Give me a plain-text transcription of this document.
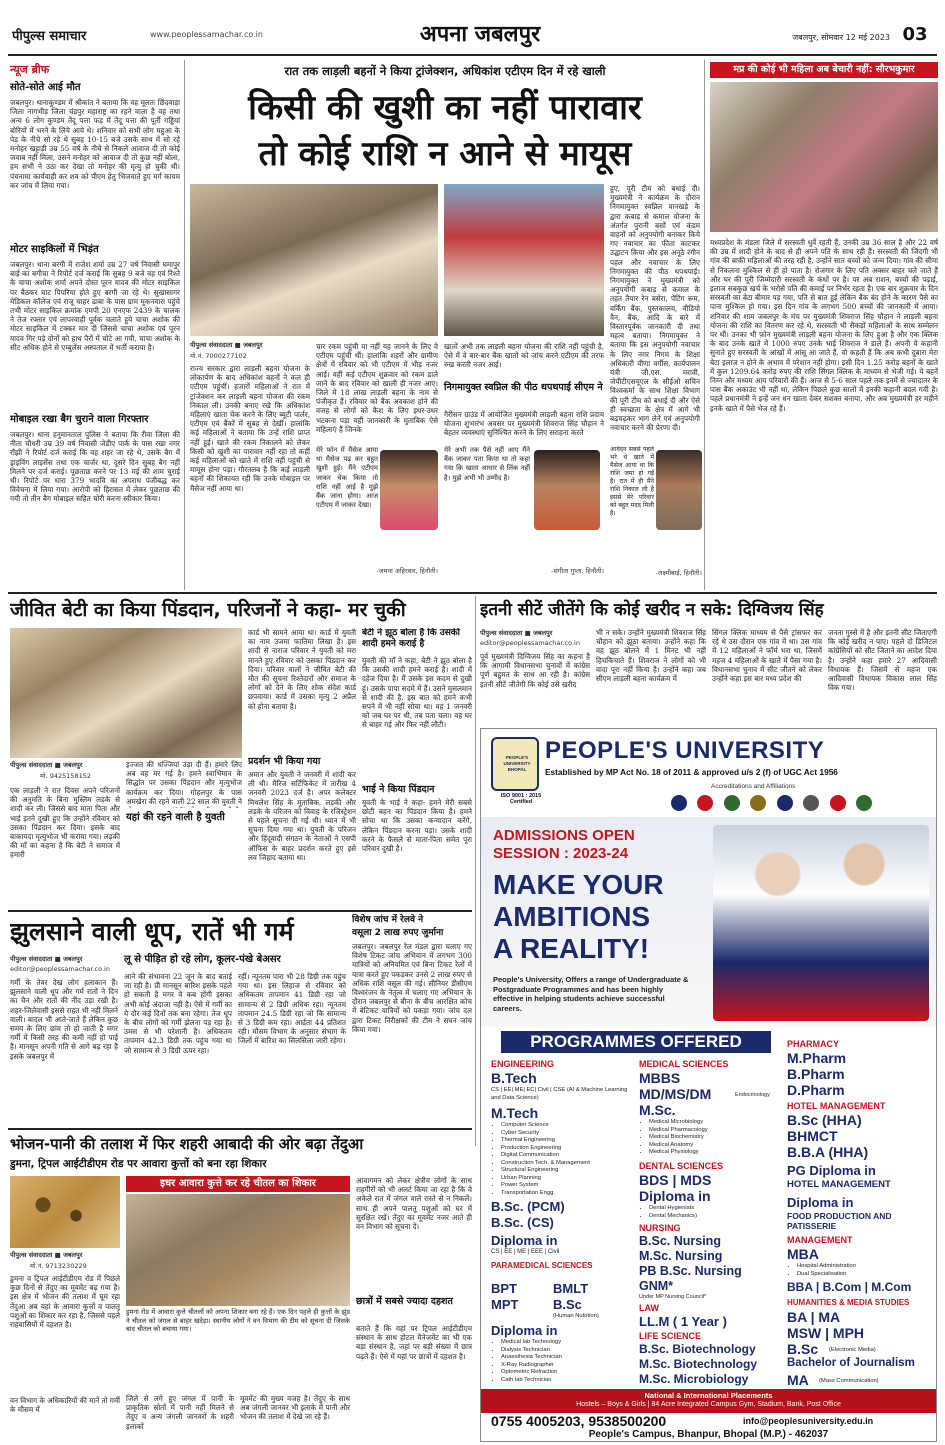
पीपुल्स समाचार	www.peoplessamachar.co.in	अपना जबलपुर	जबलपुर, सोमवार 12 मई 2023 03
न्यूज ब्रीफ
सोते-सोते आई मौत
जबलपुर। थानाकुण्डम में श्रीकांत ने बताया कि वह मूलतः छिंदवाड़ा जिला नागभीड़ जिला चंद्रपुर महाराष्ट्र का रहने वाला है वह तथा अन्य 6 लोग कुण्डम तेंदू पत्ता फड़ में तेंदू पत्ता की पूर्ती गड्डियां बोरियों में भरने के लिये आये थे। शनिवार को सभी लोग महुआ के पेड़ के नीचे सो रहे थे सुबह 10-15 बजे उसके साथ में सो रहे मनोहर खट्टाड़ी उम्र 55 वर्ष के नीचे से निकले आवाज दी तो कोई जवाब नहीं मिला, उसने मनोहर को आवाज दी तो कुछ नहीं बोला, हम सभी ने उठा कर देखा तो मनोहर की मृत्यु हो चुकी थी। पंचनामा कार्यवाही कर शव को पीएम हेतु भिजवाते हुए मर्ग कायम कर जांच में लिया गया।
मोटर साइकिलों में भिड़ंत
जबलपुर। थाना बरगी में राजेश शर्मा उम्र 27 वर्ष निवासी घमापुर बाई का बगीचा ने रिपोर्ट दर्ज कराई कि सुबह 9 बजे वह एवं रिश्ते के चाचा अशोक शर्मा अपने दोस्त पूरन यादव की मोटर साइकिल पर बैठकर घाट पिपरिया होते हुए बरगी जा रहे थे। सुखासागर मेडिकल कॉलेज एवं राजू चाहर ढाबा के पास ग्राम मुकनवारा पहुंचे तभी मोटर साइकिल क्रमांक एमपी 20 एनएफ 2439 के चालक ने तेज रफ्तार एवं लापरवाही पूर्वक चलाते हुये चाचा अशोक की मोटर साइकिल में टक्कर मार दी जिससे चाचा अशोक एवं पूरन यादव गिर पड़े दोनों को हाथ पैरों में चोटे आ गयी, चाचा अशोक के सीट अधिक होने से एम्बुलेंस अस्पताल में भर्ती कराया है।
मोबाइल रखा बैग चुराने वाला गिरफ्तार
जबलपुर। थाना हनुमानताल पुलिस ने बताया कि रीवा जिला की नीता चौधरी उम्र 39 वर्ष निवासी जेडीए पार्क के पास रखा नगर राँझी ने रिपोर्ट दर्ज कराई कि वह शहर जा रहे थे, उसके बैग में ड्राइविंग लाइसेंस तथा एक चार्जर था, दूसरे दिन सुबह बैग नहीं मिलने पर दर्ज कराई। पूछताछ करने पर 13 मई की शाम चुराई थी। रिपोर्ट पर धारा 379 भादवि का अपराध पंजीबद्ध कर विवेचना में लिया गया। आरोपी को हिरासत में लेकर पूछताछ की गयी तो तीन बैग मोबाइल सहित चोरी करना स्वीकार किया।
रात तक लाड़ली बहनों ने किया ट्रांजेक्शन, अधिकांश एटीएम दिन में रहे खाली
किसी की खुशी का नहीं पारावार
तो कोई राशि न आने से मायूस
पीपुल्स संवाददाता ■ जबलपुर
मो.नं. 7000277102
राज्य सरकार द्वारा लाड़ली बहना योजना के लोकार्पण के बाद अधिकांश बहनों ने कल ही एटीएम पहुंचीं। हजारों महिलाओं ने रात में ट्रांजेक्शन कर लाड़ली बहना योजना की रकम निकाल ली। उनकी बनाए रखे कि अधिकांश महिलाएं खाता चेक करने के लिए ब्यूटी पार्लर, एटीएम एवं बैंकों में सुबह से देखीं। हालांकि कई महिलाओं ने बताया कि उन्हें राशि प्राप्त नहीं हुई। खाते की रकम निकालने को लेकर किसी को खुशी का पारावार नहीं रहा तो कहीं कई महिलाओं को खाते में राशि नहीं पहुंची से मायूस होना पड़ा। गौरतलब है कि कई लाड़ली बहनों की शिकायत रही कि उनके मोबाइल पर मैसेज नहीं आया था।
चार रकम पहुंची या नहीं यह जानने के लिए वे एटीएम पहुंची थीं। हालांकि शहरों और ग्रामीण क्षेत्रों में रविवार को भी एटीएम में भीड़ नजर आई। वहीं कई एटीएम शुक्रवार को रकम डाले जाने के बाद रविवार को खाली ही नजर आए। जिले में 18 लाख लाड़ली बहना के नाम से पंजीकृत हैं। रविवार को बैंक अवकाश होने की वजह से लोगों को कैश के लिए इधर-उधर भटकना पड़ा वहीं जानकारी के मुताबिक ऐसे महिलाएं हैं जिनके
खातों अभी तक लाड़ली बहना योजना की राशि नहीं पहुंची है, ऐसे में वे बार-बार बैंक खातों को जांच करने एटीएम की तरफ रुख करती नजर आई।
निगमायुक्त स्वप्निल की पीठ थपथपाई सीएम ने
गैरीसन ग्राउंड में आयोजित मुख्यमंत्री लाड़ली बहना राशि प्रदाय योजना शुभारंभ अवसर पर मुख्यमंत्री शिवराज सिंह चौहान ने बेहतर व्यवस्थाएं सुनिश्चित करने के लिए सराहना करते
हुए, पूरी टीम को बधाई दी। मुख्यमंत्री ने कार्यक्रम के दौरान निगमायुक्त स्वप्निल वानखड़े के द्वारा कबाड़ से कमाल योजना के अंतर्गत पुरानी बसों एवं कंडम वाहनों को अनुपयोगी बनाकर किये गए नवाचार का फीता काटकर उद्घाटन किया और इस अनूठे रंगीन पहल और नवाचार के लिए निगमायुक्त की पीठ थपथपाई। निगमायुक्त ने मुख्यमंत्री को अनुपयोगी कबाड़ से कमाल के तहत तैयार रेन बसेरा, पेंटिंग रूम, वर्किंग बैंक, पुस्तकालय, वीडियो वैन, बैंक, आदि के बारे में विस्तारपूर्वक जानकारी दी तथा महत्व बताया। निगमायुक्त ने बताया कि इस अनुपयोगी नवाचार के लिए नगर निगम के शिक्षा अधिकारी वीणा वर्गीस, कार्यपालन यंत्री जी.एस. मरावी, जेपीटीएसयूएल के सीईओ सचिन विश्वकर्मा के साथ शिक्षा विभाग की पूरी टीम को बधाई दी और ऐसे ही स्वच्छता के क्षेत्र में आगे भी बढ़चढ़कर भाग लेने एवं अनुपयोगी नवाचार करने की प्रेरणा दी।
मेरे फोन में मैसेज आया था मैसेज पढ़ कर बहुत खुशी हुई। मैंने एटीएम जाकर चेक किया तो राशि नहीं आई है मुझे बैंक जाना होगा। आज एटीएम में जाकर देखा।
-जमना अहिरवार, हिनौती।
मेरे अभी तक पैसे नहीं आए मैंने बैंक जाकर पता किया था तो कहा गया कि खाता आधार से लिंक नहीं है। मुझे अभी भी उम्मीद है।
-संगीता गुप्ता, हिनौती।
मप्र की कोई भी महिला अब बेचारी नहीं: सौरभकुमार
मध्यप्रदेश के मंडला जिले में सरस्वती धुर्वे रहती हैं, उनकी उम्र 36 साल है और 22 वर्ष की उम्र में शादी होने के बाद से ही अपने पति के साथ रही हैं। सरस्वती की जिंदगी भी गांव की बाकी महिलाओं की तरह रही है, उन्होंने सात बच्चों को जन्म दिया। गांव की सीमा से निकलना मुश्किल से ही हो पाता है। रोजगार के लिए पति अक्सर बाहर चले जाते हैं और घर की पूरी जिम्मेदारी सरस्वती के कंधों पर है। पर अब राशन, बच्चों की पढ़ाई, इलाज सबकुछ खर्च के भरोसे पति की कमाई पर निर्भर रहता है। एक बार शुक्रवार के दिन सरस्वती का बेटा बीमार पड़ गया, पति से बात हुई लेकिन बैंक बंद होने के कारण पैसे का पाना मुश्किल हो गया। इस दिन गांव के लगभग 500 बच्चों की जानकारी में आया। शनिवार की शाम जबलपुर के मंच पर मुख्यमंत्री शिवराज सिंह चौहान ने लाड़ली बहना योजना की राशि का वितरण कर रहे थे, सरस्वती भी सैकड़ों महिलाओं के साथ सम्मेलन पर थीं। उनका भी फ़ोन मुख्यमंत्री लाड़ली बहना योजना के लिए हुआ है और एक क्लिक के बाद उनके खाते में 1000 रुपए उनके भाई शिवराज ने डाले हैं। अपनी ये कहानी सुनाते हुए सरस्वती के आंखों में आंसू आ जाते हैं, वो कहती हैं कि अब कभी दुबारा मेरा बेटा इलाज न होने के अभाव में परेशान नहीं होगा। इसी दिन 1.25 करोड़ बहनों के खाते में कुल 1209.64 करोड़ रुपए की राशि सिंगल क्लिक के माध्यम से भेजी गई। ये बहनें निम्न और मध्यम आय परिवारों की हैं। आज से 5-6 साल पहले तक इनमें से ज्यादातर के पास बैंक अकाउंट भी नहीं था, लेकिन पिछले कुछ सालों में इनकी कहानी बदल गयी है। पहले प्रधानमंत्री ने इन्हें जन धन खाता देकर सशक्त बनाया, और अब मुख्यमंत्री हर महीने इनके खाते में पैसे भेज रहे हैं।
आवेदन सबसे पहले भरे थे खाते में मैसेज आया था कि राशि जमा हो गई है। रात में ही मैंने राशि निकाल ली है इससे मेरे परिवार को बहुत मदद मिली है।
-लक्ष्मीबाई, हिनौती।
जीवित बेटी का किया पिंडदान, परिजनों ने कहा- मर चुकी
पीपुल्स संवाददाता ■ जबलपुर
मो. 9425158152
एक लाड़ली ने रात दिवस अपने परिजनों की अनुमति के बिना मुस्लिम लड़के से शादी कर ली। जिससे बाद माता पिता और भाई इतने दुखी हुए कि उन्होंने रविवार को उसका पिंडदान कर दिया। इसके बाद बाकायदा मृत्युभोज भी कराया गया। लड़की की माँ का कहना है कि बेटी ने समाज में हमारी
इज्जत की धज्जियां उड़ा दी हैं। हमारे लिए अब वह मर गई है। हमने स्वाभिमान के सिद्धांत पर उसका पिंडदान और मृत्युभोज कार्यक्रम कर दिया। गोहलपुर के पास अमखेरा की रहने वाली 22 साल की युवती ने
यहां की रहने वाली है युवती
कार्ड भी सामने आया था। कार्ड में युवती का नाम उजमा फातिमा लिखा है। इस शादी से नाराज परिवार ने युवती को मरा मानते हुए रविवार को उसका पिंडदान कर दिया। परिवार वालों ने जीवित बेटी की मौत की सूचना रिश्तेदारों और समाज के लोगों को देने के लिए शोक संदेश कार्ड छपवाया। कार्ड में उसका मृत्यु 2 अप्रैल को होना बताया है।
प्रदर्शन भी किया गया
अमान और युवती ने जनवरी में शादी कर ली थी। मैरिज सर्टिफिकेट में तारीख 4 जनवरी 2023 दर्ज है। अपर कलेक्टर मिथलेश सिंह के मुताबिक, लड़की और लड़के के परिजन को विवाह के रजिस्ट्रेशन से पहले सूचना दी गई थी। ध्यान में भी सूचना दिया गया था। युवती के परिजन और हिंदूवादी संगठन के नेताओं ने एसपी ऑफिस के बाहर प्रदर्शन करते हुए इसे लव जिहाद बताया था।
बेटी ने झूठ बोला है कि उसकी शादी हमने कराई है
युवती की माँ ने कहा, बेटी ने झूठ बोला है कि उसकी शादी हमने कराई है। शादी में दहेज दिया है। मैं उसके इस कदम से दुखी हूं। उसके पापा सदमे में हैं। उसने मुसलमान से शादी की है, इस बात को हमने कभी सपने में भी नहीं सोचा था। वह 1 जनवरी को जब घर पर थी, तब पता चला। वह घर से बाहर गई और फिर नहीं लौटी।
भाई ने किया पिंडदान
युवती के भाई ने कहा- हमने मेरी सबसे छोटी बहन का पिंडदान किया है। हमने सोचा था कि उसका कन्यादान करेंगे, लेकिन पिंडदान करना पड़ा। उसके शादी करने के फैसले से माता-पिता समेत पूरा परिवार दुखी है।
इतनी सीटें जीतेंगे कि कोई खरीद न सके: दिग्विजय सिंह
पीपुल्स संवाददाता ■ जबलपुर
editor@peoplessamachar.co.in
पूर्व मुख्यमंत्री दिग्विजय सिंह का कहना है कि आगामी विधानसभा चुनावों में कांग्रेस पूर्ण बहुमत के साथ आ रही है। कांग्रेस इतनी सीटें जीतेगी कि कोई उसे खरीद
भी न सके। उन्होंने मुख्यमंत्री शिवराज सिंह चौहान को झूठा बताया। उन्होंने कहा कि वह झूठ बोलने में 1 मिनट भी नहीं हिचकिचाते हैं। शिवराज ने लोगों को भी वादा पूरा नहीं किया है। उन्होंने कहा जब सीएम लाड़ली बहना कार्यक्रम में
सिंगल क्लिक माध्यम से पैसे ट्रांसफर कर रहे थे उस दौरान एक गांव में था। उस गांव में 12 महिलाओं ने फॉर्म भरा था, जिसमें महज 4 महिलाओं के खाते में पैसा गया है। विधानसभा चुनाव में सीट जीतने को लेकर उन्होंने कहा इस बार मध्य प्रदेश की
जनता गुस्से में है और इतनी सीट जिताएगी कि कोई खरीद न पाए। पहले दो डिजिटल कांग्रेसियों को सीट जिताने का आदेश दिया है। उन्होंने कहा हमारे 27 आदिवासी विधायक हैं। जिसमें से महज एक आदिवासी विधायक विकास लाल सिंह विक गया।
झुलसाने वाली धूप, रातें भी गर्म
पीपुल्स संवाददाता ■ जबलपुर
editor@peoplessamachar.co.in
लू से पीड़ित हो रहे लोग, कूलर-पंखे बेअसर
गर्मी के तेवर देख लोग हलाकान हैं। झुलसाने वाली धूप और गर्म रातों ने दिन का चैन और रातों की नींद उड़ा रखी है। शहर-जिलेवासी इससे राहत भी नहीं मिलने वाली। बादल भी आते-जाते हैं लेकिन कुछ समय के लिए छांव तो हो जाती है मगर गर्मी में किसी तरह की कमी नहीं हो पाई है। मानसून अपनी गति से आगे बढ़ रहा है इसके जबलपुर में
आने की संभावना 22 जून के बाद बताई जा रही है। प्री मानसून बारिश इसके पहले हो सकती है मगर वे कब होंगी इसका अभी कोई अंदाजा नहीं है। ऐसे में गर्मी का ये दौर कई दिनों तक बना रहेगा। तेज धूप के बीच लोगों को गर्मी झेलना पड़ रहा है। उमस से भी परेशानी है। अधिकतम तापमान 42.3 डिग्री तक पहुंच गया था जो सामान्य से 3 डिग्री ऊपर रहा।
रहीं। न्यूनतम पारा भी 28 डिग्री तक पहुंच गया था। इस लिहाज से रविवार को अधिकतम तापमान 41 डिग्री रहा जो सामान्य से 2 डिग्री अधिक रहा। न्यूनतम तापमान 24.5 डिग्री रहा जो कि सामान्य से 3 डिग्री कम रहा। आर्द्रता 44 प्रतिशत रही। मौसम विभाग के अनुसार संभाग के जिलों में बारिश का सिलसिला जारी रहेगा।
विशेष जांच में रेलवे ने
वसूला 2 लाख रुपए जुर्माना
जबलपुर। जबलपुर रेल मंडल द्वारा चलाए गए विशेष टिकट जांच अभियान में लगभग 300 यात्रियों को अनियमित एवं बिना टिकट रेलों में यात्रा करते हुए पकड़कर उनसे 2 लाख रुपए से अधिक राशि वसूल की गई। सीनियर डीसीएम विश्वरंजन के नेतृत्व में चलाए गए अभियान के दौरान जबलपुर से बीना के बीच आरक्षित कोच में बेटिकट यात्रियों को पकड़ा गया। जांच दल द्वारा टिकट निरीक्षकों की टीम ने सघन जांच किया गया।
भोजन-पानी की तलाश में फिर शहरी आबादी की ओर बढ़ा तेंदुआ
डुमना, ट्रिपल आईटीडीएम रोड पर आवारा कुत्तों को बना रहा शिकार
पीपुल्स संवाददाता ■ जबलपुर
मो.नं. 9713230229
इधर आवारा कुत्ते कर रहे चीतल का शिकार
डुमना रोड में आवारा कुत्ते चीतलों को अपना शिकार बना रहे हैं। एक दिन पहले ही कुत्तों के झुंड ने चीतल को जंगल से बाहर खदेड़ा। स्थानीय लोगों ने वन विभाग की टीम को सूचना दी जिसके बाद चीतल को बचाया गया।
डुमना व ट्रिपल आईटीडीएम रोड में पिछले कुछ दिनों से तेंदुए का मूवमेंट बढ़ गया है। इस क्षेत्र में भोजन की तलाश में घूम रहा तेंदुआ अब यहां के आवारा कुत्तों व पालतू पशुओं का शिकार कर रहा है, जिससे पहले राहवासियों में दहशत है।
वन विभाग के अधिकारियों की मानें तो गर्मी के मौसम में
जिले से लगे हुए जंगल में पानी के प्राकृतिक स्रोतों में पानी नहीं मिलने से तेंदुए व अन्य जंगली जानवरों के शहरी इलाकों
मूवमेंट की मुख्य वजह है। तेंदुए के साथ अब जंगली जानवर भी इलाके में पानी और भोजन की तलाश में देखे जा रहे हैं।
आवागमन को लेकर क्षेत्रीय लोगों के साथ राहगीरों को भी अलर्ट किया जा रहा है कि वे अकेले रात में जंगल वाले रास्ते से न निकलें। साथ ही अपने पालतू पशुओं को घर में सुरक्षित रखें। तेंदुए का मूवमेंट नजर आते ही वन विभाग को सूचना दें।
छात्रों में सबसे ज्यादा दहशत
बताते हैं कि यहां पर ट्रिपल आईटीडीएम संस्थान के साथ होटल मैनेजमेंट का भी एक बड़ा संस्थान है, जहां पर बड़ी संख्या में छात्र पढ़ते हैं। ऐसे में यहां पर छात्रों में दहशत है।
PEOPLE'S UNIVERSITY BHOPAL
PEOPLE'S UNIVERSITY
Established by MP Act No. 18 of 2011 & approved u/s 2 (f) of UGC Act 1956
ISO 9001 : 2015 Certified
Accreditations and Affiliations

ADMISSIONS OPEN
SESSION : 2023-24
MAKE YOUR
AMBITIONS
A REALITY!
People's University, Offers a range of Undergraduate & Postgraduate Programmes and has been highly effective in helping students achieve successful careers.
PROGRAMMES OFFERED
ENGINEERING
B.Tech
CS | EE| ME| EC| Civil | CSE (AI & Machine Learning and Data Science)
M.Tech
• Computer Science
• Cyber Security
• Thermal Engineering
• Production Engineering
• Digital Communication
• Construction Tech. & Management
• Structural Engineering
• Urban Planning
• Power System
• Transportation Engg.
B.Sc. (PCM)
B.Sc. (CS)
Diploma in
CS | EE | ME | EEE | Civil
PARAMEDICAL SCIENCES
BPT	BMLT
MPT	B.Sc
(Human Nutrition)
Diploma in
• Medical lab Technology
• Dialysis Technician
• Anaesthesia Technician
• X-Ray Radiographer
• Optometric Refraction
• Cath lab Technician
MEDICAL SCIENCES
MBBS
MD/MS/DM	Endocrinology
M.Sc.
• Medical Microbiology
• Medical Pharmacology
• Medical Biochemistry
• Medical Anatomy
• Medical Physiology
DENTAL SCIENCES
BDS | MDS
Diploma in
• Dental Hygienists
• Dental Mechanics)
NURSING
B.Sc. Nursing
M.Sc. Nursing
PB B.Sc. Nursing
GNM*
Under MP Nursing Council*
LAW
LL.M ( 1 Year )
LIFE SCIENCE
B.Sc. Biotechnology
M.Sc. Biotechnology
M.Sc. Microbiology
PHARMACY
M.Pharm
B.Pharm
D.Pharm
HOTEL MANAGEMENT
B.Sc (HHA)
BHMCT
B.B.A (HHA)
PG Diploma in
HOTEL MANAGEMENT
Diploma in
FOOD PRODUCTION AND PATISSERIE
MANAGEMENT
MBA
• Hospital Administration
• Dual Specialisation
BBA | B.Com | M.Com
HUMANITIES & MEDIA STUDIES
BA | MA
MSW | MPH
B.Sc	(Electronic Media)
Bachelor of Journalism
MA	(Mass Communication)
National & International Placements
Hostels – Boys & Girls | 84 Acre Integrated Campus Gym, Stadium, Bank, Post Office
0755 4005203, 9538500200	info@peoplesuniversity.edu.in
People's Campus, Bhanpur, Bhopal (M.P.) - 462037
